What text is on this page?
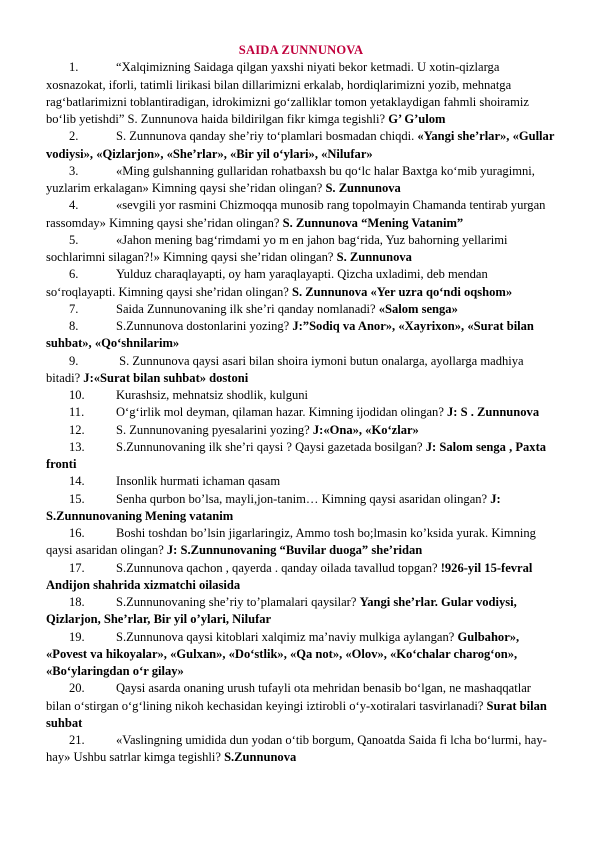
SAIDA ZUNNUNOVA
1.	“Xalqimizning Saidaga qilgan yaxshi niyati bekor ketmadi. U xotin-qizlarga xosnazokat, iforli, tatimli lirikasi bilan dillarimizni erkalab, hordiqlarimizni yozib, mehnatga rag‘batlarimizni toblantiradigan, idrokimizni go‘zalliklar tomon yetaklaydigan fahmli shoiramiz bo‘lib yetishdi” S. Zunnunova haida bildirilgan fikr kimga tegishli? G’ G’ulom
2.	S. Zunnunova qanday she’riy to‘plamlari bosmadan chiqdi. «Yangi she’rlar», «Gullar vodiysi», «Qizlarjon», «She’rlar», «Bir yil o‘ylari», «Nilufar»
3.	«Ming gulshanning gullaridan rohatbaxsh bu qo‘lc halar Baxtga ko‘mib yuragimni, yuzlarim erkalagan» Kimning qaysi she’ridan olingan? S. Zunnunova
4.	«sevgili yor rasmini Chizmoqqa munosib rang topolmayin Chamanda tentirab yurgan rassomday» Kimning qaysi she’ridan olingan? S. Zunnunova “Mening Vatanim”
5.	«Jahon mening bag‘rimdami yo m en jahon bag‘rida, Yuz bahorning yellarimi sochlarimni silagan?!» Kimning qaysi she’ridan olingan? S. Zunnunova
6.	Yulduz charaqlayapti, oy ham yaraqlayapti. Qizcha uxladimi, deb mendan so‘roqlayapti. Kimning qaysi she’ridan olingan? S. Zunnunova «Yer uzra qo‘ndi oqshom»
7.	Saida Zunnunovaning ilk she’ri qanday nomlanadi? «Salom senga»
8.	S.Zunnunova dostonlarini yozing? J:”Sodiq va Anor», «Xayrixon», «Surat bilan suhbat», «Qo‘shnilarim»
9.	S. Zunnunova qaysi asari bilan shoira iymoni butun onalarga, ayollarga madhiya bitadi? J:«Surat bilan suhbat» dostoni
10. Kurashsiz, mehnatsiz shodlik, kulguni
11.	O‘g‘irlik mol deyman, qilaman hazar. Kimning ijodidan olingan? J: S . Zunnunova
12. S. Zunnunovaning pyesalarini yozing? J:«Ona», «Ko‘zlar»
13. S.Zunnunovaning ilk she’ri qaysi ? Qaysi gazetada bosilgan? J: Salom senga , Paxta fronti
14. Insonlik hurmati ichaman qasam
15. Senha qurbon bo’lsa, mayli,jon-tanim… Kimning qaysi asaridan olingan? J: S.Zunnunovaning Mening vatanim
16. Boshi toshdan bo’lsin jigarlaringiz, Ammo tosh bo;lmasin ko’ksida yurak. Kimning qaysi asaridan olingan? J: S.Zunnunovaning “Buvilar duoga” she’ridan
17. S.Zunnunova qachon , qayerda . qanday oilada tavallud topgan? !926-yil 15-fevral Andijon shahrida xizmatchi oilasida
18. S.Zunnunovaning she’riy to’plamalari qaysilar? Yangi she’rlar. Gular vodiysi, Qizlarjon, She’rlar, Bir yil o’ylari, Nilufar
19. S.Zunnunova qaysi kitoblari xalqimiz ma’naviy mulkiga aylangan? Gulbahor», «Povest va hikoyalar», «Gulxan», «Do‘stlik», «Qa not», «Olov», «Ko‘chalar charog‘on», «Bo‘ylaringdan o‘r gilay»
20. Qaysi asarda onaning urush tufayli ota mehridan benasib bo‘lgan, ne mashaqqatlar bilan o‘stirgan o‘g‘lining nikoh kechasidan keyingi iztirobli o‘y-xotiralari tasvirlanadi? Surat bilan suhbat
21. «Vaslingning umidida dun yodan o‘tib borgum, Qanoatda Saida fi lcha bo‘lurmi, hay-hay» Ushbu satrlar kimga tegishli? S.Zunnunova
